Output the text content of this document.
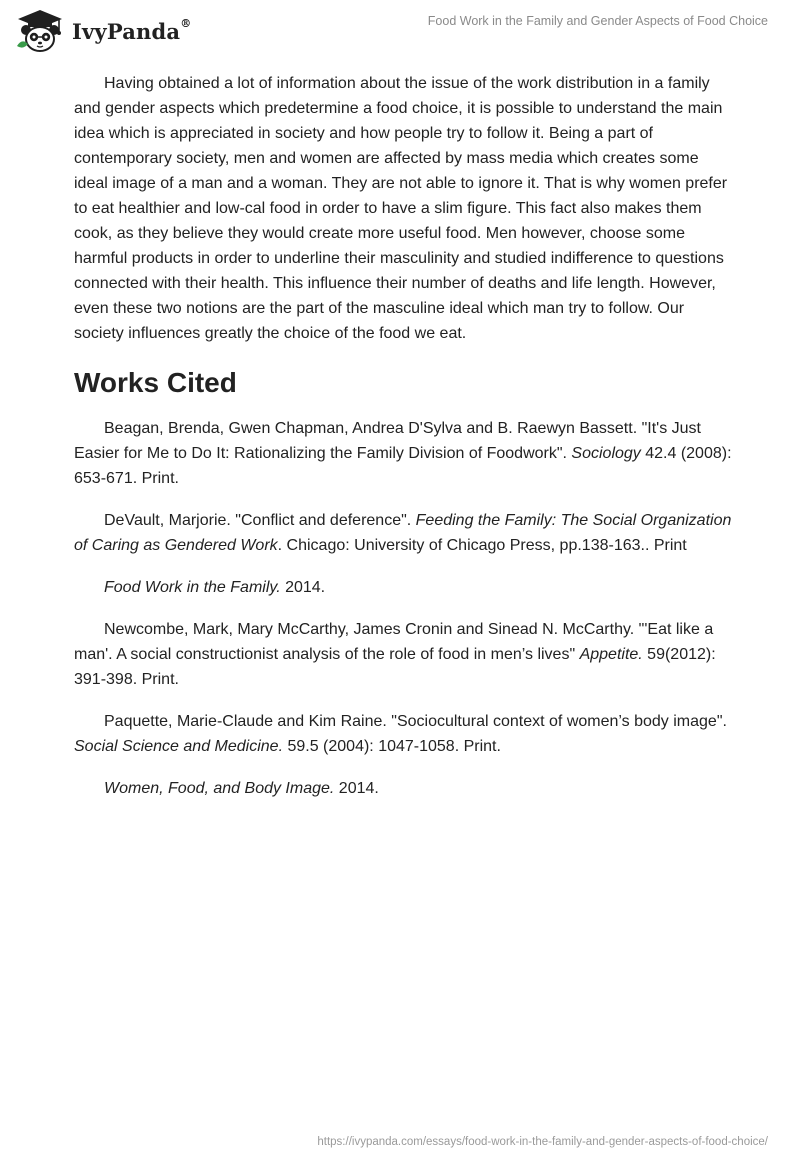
IvyPanda®	Food Work in the Family and Gender Aspects of Food Choice

Having obtained a lot of information about the issue of the work distribution in a family and gender aspects which predetermine a food choice, it is possible to understand the main idea which is appreciated in society and how people try to follow it. Being a part of contemporary society, men and women are affected by mass media which creates some ideal image of a man and a woman. They are not able to ignore it. That is why women prefer to eat healthier and low-cal food in order to have a slim figure. This fact also makes them cook, as they believe they would create more useful food. Men however, choose some harmful products in order to underline their masculinity and studied indifference to questions connected with their health. This influence their number of deaths and life length. However, even these two notions are the part of the masculine ideal which man try to follow. Our society influences greatly the choice of the food we eat.

Works Cited

Beagan, Brenda, Gwen Chapman, Andrea D'Sylva and B. Raewyn Bassett. "It's Just Easier for Me to Do It: Rationalizing the Family Division of Foodwork". Sociology 42.4 (2008): 653-671. Print.

DeVault, Marjorie. "Conflict and deference". Feeding the Family: The Social Organization of Caring as Gendered Work. Chicago: University of Chicago Press, pp.138-163.. Print

Food Work in the Family. 2014.

Newcombe, Mark, Mary McCarthy, James Cronin and Sinead N. McCarthy. "'Eat like a man'. A social constructionist analysis of the role of food in men’s lives" Appetite. 59(2012): 391-398. Print.

Paquette, Marie-Claude and Kim Raine. "Sociocultural context of women’s body image". Social Science and Medicine. 59.5 (2004): 1047-1058. Print.

Women, Food, and Body Image. 2014.

https://ivypanda.com/essays/food-work-in-the-family-and-gender-aspects-of-food-choice/
